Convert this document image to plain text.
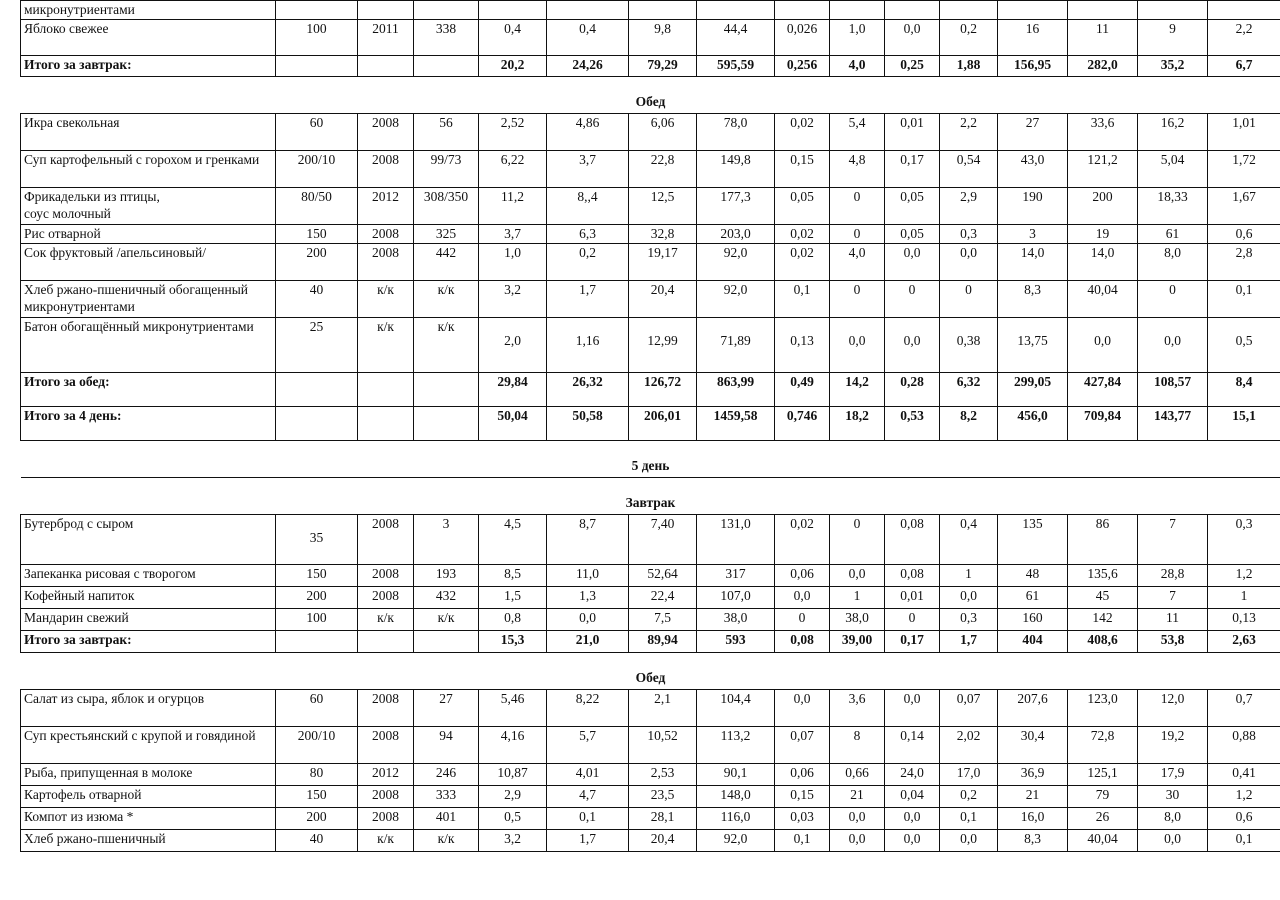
микронутриентами															
Яблоко свежее	100	2011	338	0,4	0,4	9,8	44,4	0,026	1,0	0,0	0,2	16	11	9	2,2
Итого за завтрак:				20,2	24,26	79,29	595,59	0,256	4,0	0,25	1,88	156,95	282,0	35,2	6,7
Обед															
Икра свекольная	60	2008	56	2,52	4,86	6,06	78,0	0,02	5,4	0,01	2,2	27	33,6	16,2	1,01
Суп картофельный с горохом и гренками	200/10	2008	99/73	6,22	3,7	22,8	149,8	0,15	4,8	0,17	0,54	43,0	121,2	5,04	1,72
Фрикадельки из птицы,
соус молочный	80/50	2012	308/350	11,2	8,,4	12,5	177,3	0,05	0	0,05	2,9	190	200	18,33	1,67
Рис отварной	150	2008	325	3,7	6,3	32,8	203,0	0,02	0	0,05	0,3	3	19	61	0,6
Сок фруктовый /апельсиновый/	200	2008	442	1,0	0,2	19,17	92,0	0,02	4,0	0,0	0,0	14,0	14,0	8,0	2,8
Хлеб ржано-пшеничный обогащенный микронутриентами	40	к/к	к/к	3,2	1,7	20,4	92,0	0,1	0	0	0	8,3	40,04	0	0,1
Батон обогащённый микронутриентами	25	к/к	к/к	2,0	1,16	12,99	71,89	0,13	0,0	0,0	0,38	13,75	0,0	0,0	0,5
Итого за обед:				29,84	26,32	126,72	863,99	0,49	14,2	0,28	6,32	299,05	427,84	108,57	8,4
Итого за 4 день:				50,04	50,58	206,01	1459,58	0,746	18,2	0,53	8,2	456,0	709,84	143,77	15,1
5 день															
Завтрак															
Бутерброд с сыром	35	2008	3	4,5	8,7	7,40	131,0	0,02	0	0,08	0,4	135	86	7	0,3
Запеканка рисовая с творогом	150	2008	193	8,5	11,0	52,64	317	0,06	0,0	0,08	1	48	135,6	28,8	1,2
Кофейный напиток	200	2008	432	1,5	1,3	22,4	107,0	0,0	1	0,01	0,0	61	45	7	1
Мандарин свежий	100	к/к	к/к	0,8	0,0	7,5	38,0	0	38,0	0	0,3	160	142	11	0,13
Итого за завтрак:				15,3	21,0	89,94	593	0,08	39,00	0,17	1,7	404	408,6	53,8	2,63
Обед															
Салат из сыра, яблок и огурцов	60	2008	27	5,46	8,22	2,1	104,4	0,0	3,6	0,0	0,07	207,6	123,0	12,0	0,7
Суп крестьянский с крупой и говядиной	200/10	2008	94	4,16	5,7	10,52	113,2	0,07	8	0,14	2,02	30,4	72,8	19,2	0,88
Рыба, припущенная в молоке	80	2012	246	10,87	4,01	2,53	90,1	0,06	0,66	24,0	17,0	36,9	125,1	17,9	0,41
Картофель отварной	150	2008	333	2,9	4,7	23,5	148,0	0,15	21	0,04	0,2	21	79	30	1,2
Компот из изюма *	200	2008	401	0,5	0,1	28,1	116,0	0,03	0,0	0,0	0,1	16,0	26	8,0	0,6
Хлеб ржано-пшеничный	40	к/к	к/к	3,2	1,7	20,4	92,0	0,1	0,0	0,0	0,0	8,3	40,04	0,0	0,1
